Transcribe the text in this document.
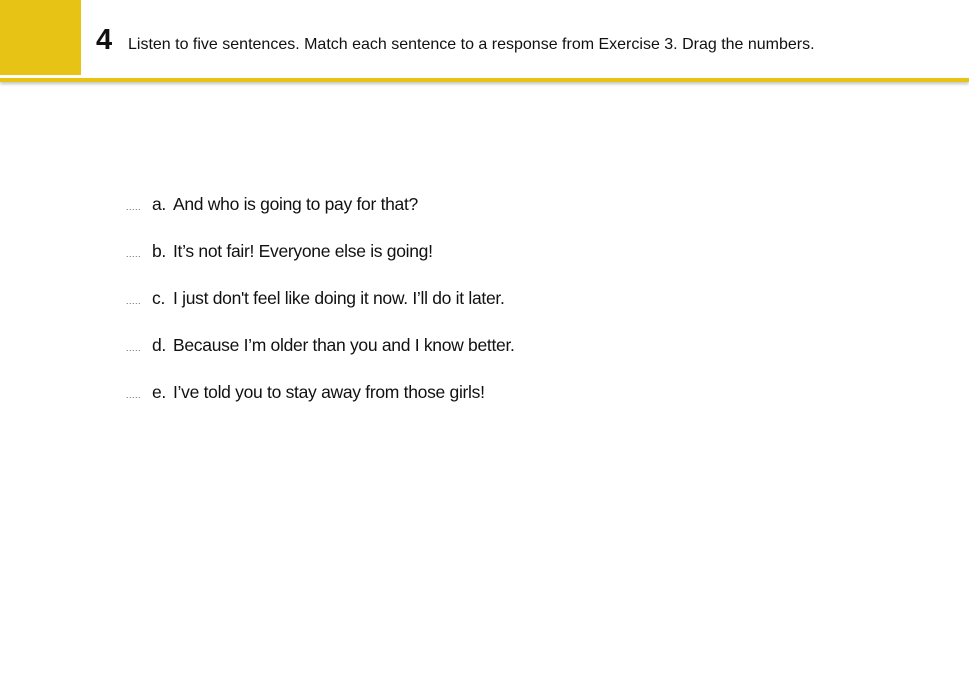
4 Listen to five sentences. Match each sentence to a response from Exercise 3. Drag the numbers.
..... a. And who is going to pay for that?
..... b. It’s not fair! Everyone else is going!
..... c. I just don't feel like doing it now. I’ll do it later.
..... d. Because I’m older than you and I know better.
..... e. I’ve told you to stay away from those girls!
